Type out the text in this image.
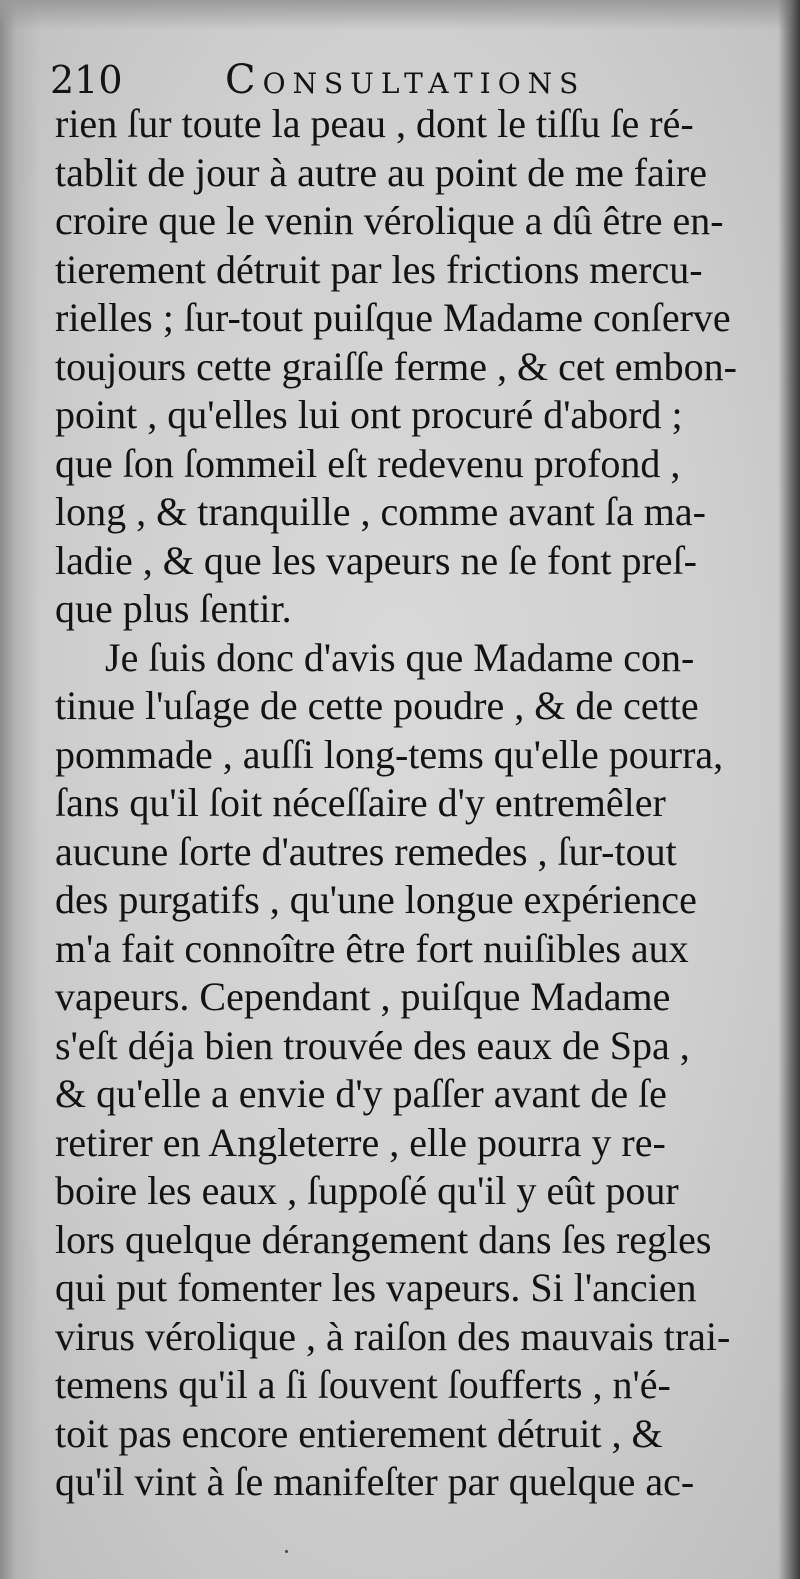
210	Consultations
rien ſur toute la peau , dont le tiſſu ſe ré-
tablit de jour à autre au point de me faire
croire que le venin vérolique a dû être en-
tierement détruit par les frictions mercu-
rielles ; ſur-tout puiſque Madame conſerve
toujours cette graiſſe ferme , & cet embon-
point , qu'elles lui ont procuré d'abord ;
que ſon ſommeil eſt redevenu profond ,
long , & tranquille , comme avant ſa ma-
ladie , & que les vapeurs ne ſe font preſ-
que plus ſentir.
Je ſuis donc d'avis que Madame con-
tinue l'uſage de cette poudre , & de cette
pommade , auſſi long-tems qu'elle pourra,
ſans qu'il ſoit néceſſaire d'y entremêler
aucune ſorte d'autres remedes , ſur-tout
des purgatifs , qu'une longue expérience
m'a fait connoître être fort nuiſibles aux
vapeurs. Cependant , puiſque Madame
s'eſt déja bien trouvée des eaux de Spa ,
& qu'elle a envie d'y paſſer avant de ſe
retirer en Angleterre , elle pourra y re-
boire les eaux , ſuppoſé qu'il y eût pour
lors quelque dérangement dans ſes regles
qui put fomenter les vapeurs. Si l'ancien
virus vérolique , à raiſon des mauvais trai-
temens qu'il a ſi ſouvent ſoufferts , n'é-
toit pas encore entierement détruit , &
qu'il vint à ſe manifeſter par quelque ac-
